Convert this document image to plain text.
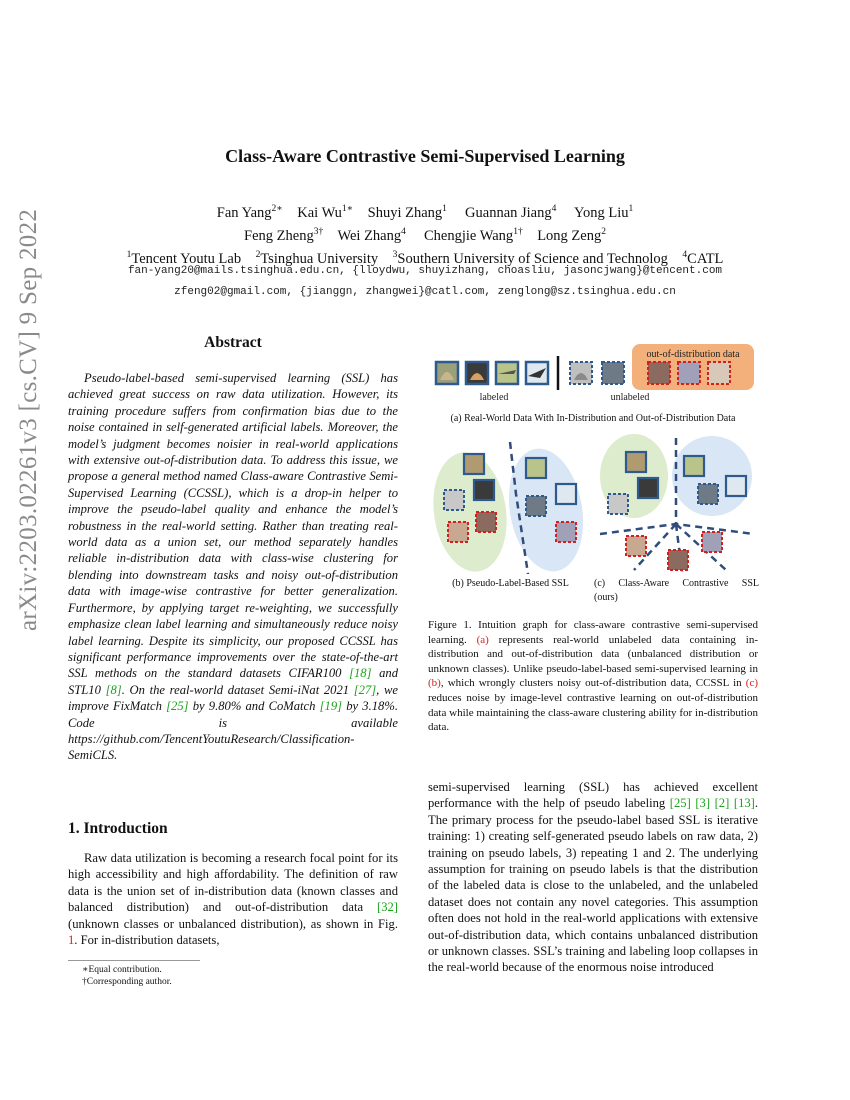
arXiv:2203.02261v3 [cs.CV] 9 Sep 2022
Class-Aware Contrastive Semi-Supervised Learning
Fan Yang$^{2∗}$ Kai $Wu^{1∗}$ Shuyi Zhang$^1$ Guannan Jiang$^4$ Yong Liu$^1$
Feng Zheng$^{3\dagger}$ Wei Zhang$^4$ Chengjie Wang$^{1\dagger}$ Long Zeng$^2$
$^1$Tencent Youtu Lab $^2$Tsinghua University $^3$Southern University of Science and Technolog $^4$CATL
fan-yang20@mails.tsinghua.edu.cn, {lloydwu, shuyizhang, choasliu, jasoncjwang}@tencent.com
zfeng02@gmail.com, {jianggn, zhangwei}@catl.com, zenglong@sz.tsinghua.edu.cn
Abstract
Pseudo-label-based semi-supervised learning (SSL) has achieved great success on raw data utilization. However, its training procedure suffers from confirmation bias due to the noise contained in self-generated artificial labels. Moreover, the model’s judgment becomes noisier in real-world applications with extensive out-of-distribution data. To address this issue, we propose a general method named Class-aware Contrastive Semi-Supervised Learning (CCSSL), which is a drop-in helper to improve the pseudo-label quality and enhance the model’s robustness in the real-world setting. Rather than treating real-world data as a union set, our method separately handles reliable in-distribution data with class-wise clustering for blending into downstream tasks and noisy out-of-distribution data with image-wise contrastive for better generalization. Furthermore, by applying target re-weighting, we successfully emphasize clean label learning and simultaneously reduce noisy label learning. Despite its simplicity, our proposed CCSSL has significant performance improvements over the state-of-the-art SSL methods on the standard datasets CIFAR100 [18] and STL10 [8]. On the real-world dataset Semi-iNat 2021 [27], we improve FixMatch [25] by 9.80% and CoMatch [19] by 3.18%. Code is available https://github.com/TencentYoutuResearch/Classification-SemiCLS.
1. Introduction
Raw data utilization is becoming a research focal point for its high accessibility and high affordability. The definition of raw data is the union set of in-distribution data (known classes and balanced distribution) and out-of-distribution data [32] (unknown classes or unbalanced distribution), as shown in Fig. 1. For in-distribution datasets,
∗Equal contribution.
†Corresponding author.
out-of-distribution data
labeled	unlabeled
(a) Real-World Data With In-Distribution and Out-of-Distribution Data
(b) Pseudo-Label-Based SSL	(c) Class-Aware Contrastive SSL
(ours)
Figure 1. Intuition graph for class-aware contrastive semi-supervised learning. (a) represents real-world unlabeled data containing in-distribution and out-of-distribution data (unbalanced distribution or unknown classes). Unlike pseudo-label-based semi-supervised learning in (b), which wrongly clusters noisy out-of-distribution data, CCSSL in (c) reduces noise by image-level contrastive learning on out-of-distribution data while maintaining the class-aware clustering ability for in-distribution data.
semi-supervised learning (SSL) has achieved excellent performance with the help of pseudo labeling [25] [3] [2] [13]. The primary process for the pseudo-label based SSL is iterative training: 1) creating self-generated pseudo labels on raw data, 2) training on pseudo labels, 3) repeating 1 and 2. The underlying assumption for training on pseudo labels is that the distribution of the labeled data is close to the unlabeled, and the unlabeled dataset does not contain any novel categories. This assumption often does not hold in the real-world applications with extensive out-of-distribution data, which contains unbalanced distribution or unknown classes. SSL’s training and labeling loop collapses in the real-world because of the enormous noise introduced
